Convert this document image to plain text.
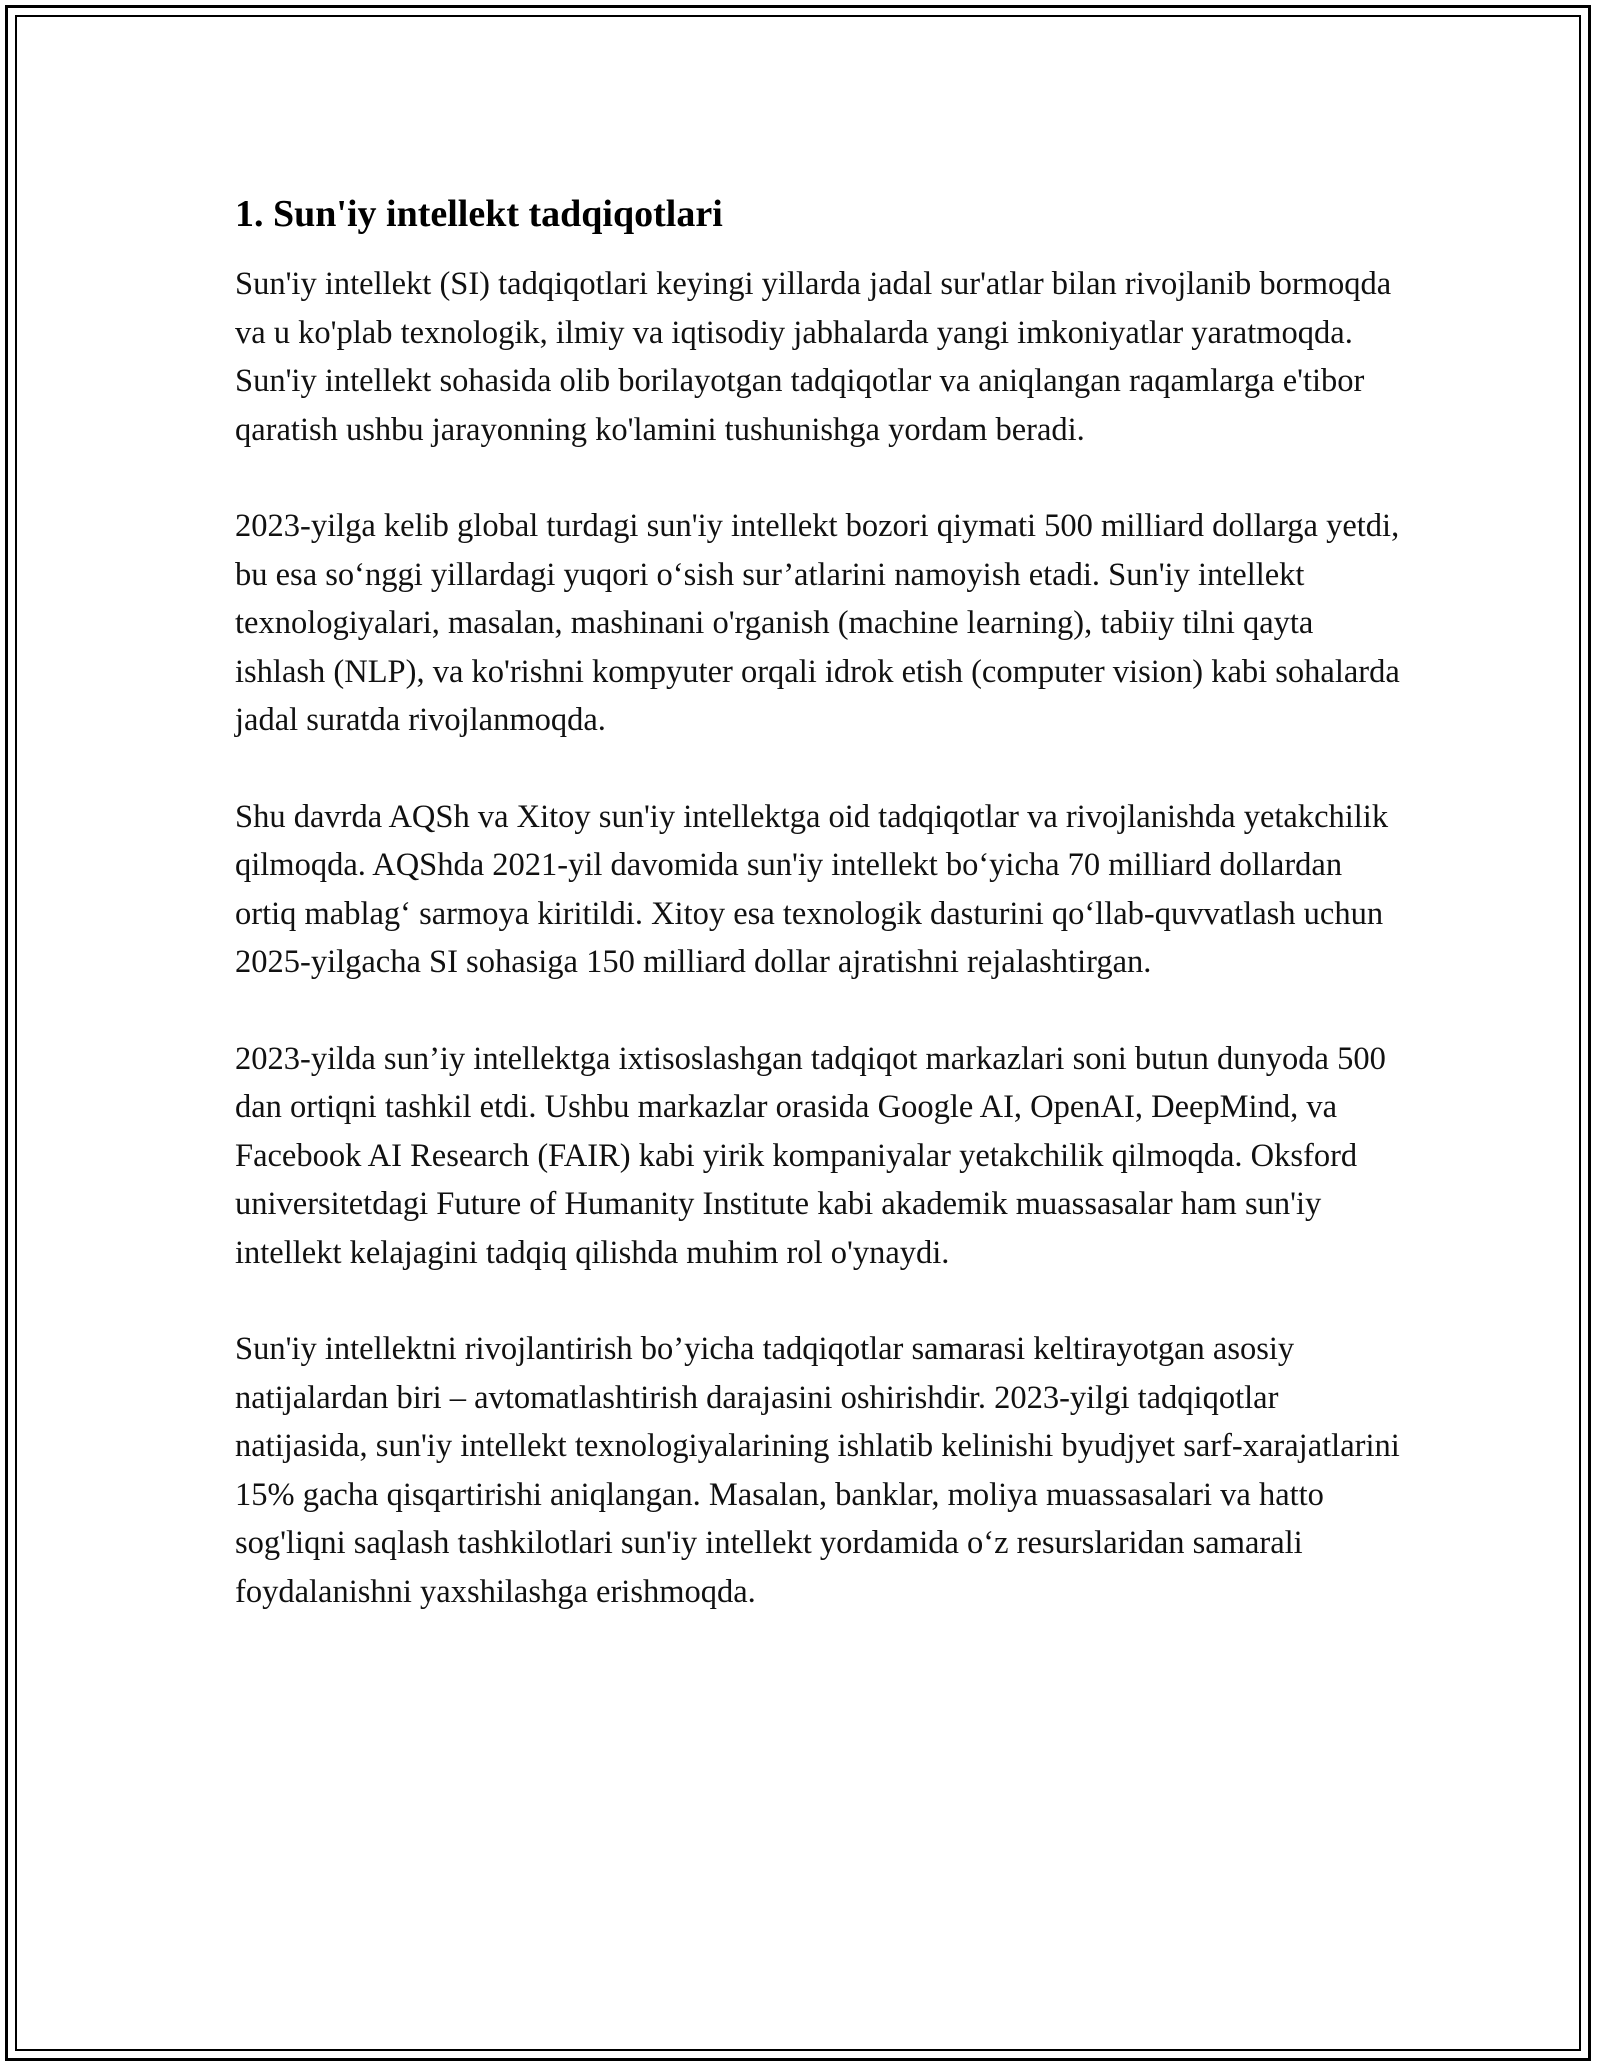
1. Sun'iy intellekt tadqiqotlari

Sun'iy intellekt (SI) tadqiqotlari keyingi yillarda jadal sur'atlar bilan rivojlanib bormoqda va u ko'plab texnologik, ilmiy va iqtisodiy jabhalarda yangi imkoniyatlar yaratmoqda. Sun'iy intellekt sohasida olib borilayotgan tadqiqotlar va aniqlangan raqamlarga e'tibor qaratish ushbu jarayonning ko'lamini tushunishga yordam beradi.

2023-yilga kelib global turdagi sun'iy intellekt bozori qiymati 500 milliard dollarga yetdi, bu esa so‘nggi yillardagi yuqori o‘sish sur’atlarini namoyish etadi. Sun'iy intellekt texnologiyalari, masalan, mashinani o'rganish (machine learning), tabiiy tilni qayta ishlash (NLP), va ko'rishni kompyuter orqali idrok etish (computer vision) kabi sohalarda jadal suratda rivojlanmoqda.

Shu davrda AQSh va Xitoy sun'iy intellektga oid tadqiqotlar va rivojlanishda yetakchilik qilmoqda. AQShda 2021-yil davomida sun'iy intellekt bo‘yicha 70 milliard dollardan ortiq mablag‘ sarmoya kiritildi. Xitoy esa texnologik dasturini qo‘llab-quvvatlash uchun 2025-yilgacha SI sohasiga 150 milliard dollar ajratishni rejalashtirgan.

2023-yilda sun’iy intellektga ixtisoslashgan tadqiqot markazlari soni butun dunyoda 500 dan ortiqni tashkil etdi. Ushbu markazlar orasida Google AI, OpenAI, DeepMind, va Facebook AI Research (FAIR) kabi yirik kompaniyalar yetakchilik qilmoqda. Oksford universitetdagi Future of Humanity Institute kabi akademik muassasalar ham sun'iy intellekt kelajagini tadqiq qilishda muhim rol o'ynaydi.

Sun'iy intellektni rivojlantirish bo’yicha tadqiqotlar samarasi keltirayotgan asosiy natijalardan biri – avtomatlashtirish darajasini oshirishdir. 2023-yilgi tadqiqotlar natijasida, sun'iy intellekt texnologiyalarining ishlatib kelinishi byudjyet sarf-xarajatlarini 15% gacha qisqartirishi aniqlangan. Masalan, banklar, moliya muassasalari va hatto sog'liqni saqlash tashkilotlari sun'iy intellekt yordamida o‘z resurslaridan samarali foydalanishni yaxshilashga erishmoqda.
